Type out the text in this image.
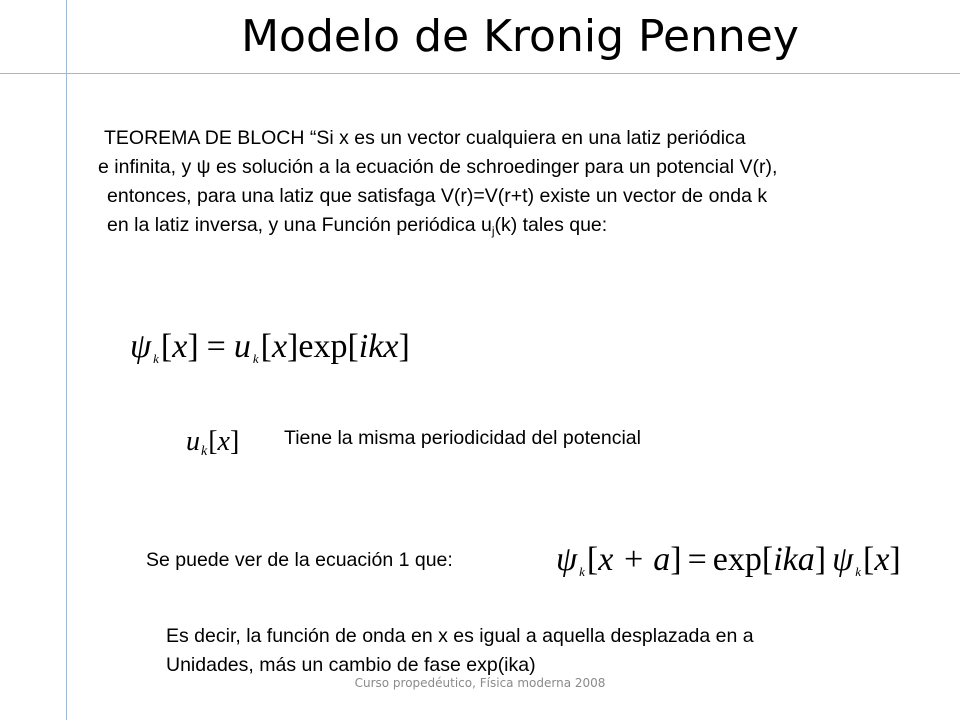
Modelo de Kronig Penney
TEOREMA DE BLOCH “Si x es un vector cualquiera en una latiz periódica
e infinita, y ψ es solución a la ecuación de schroedinger para un potencial V(r),
entonces, para una latiz que satisfaga V(r)=V(r+t) existe un vector de onda k
en la latiz inversa, y una Función periódica $u_j(k)$ tales que:
ψk[x] = u k[x]exp[ikx]
uk[x] Tiene la misma periodicidad del potencial
Se puede ver de la ecuación 1 que:	ψk[x + a] = exp[ika] ψ k[x]
Es decir, la función de onda en x es igual a aquella desplazada en a
Unidades, más un cambio de fase exp(ika)
Curso propedéutico, Física moderna 2008
